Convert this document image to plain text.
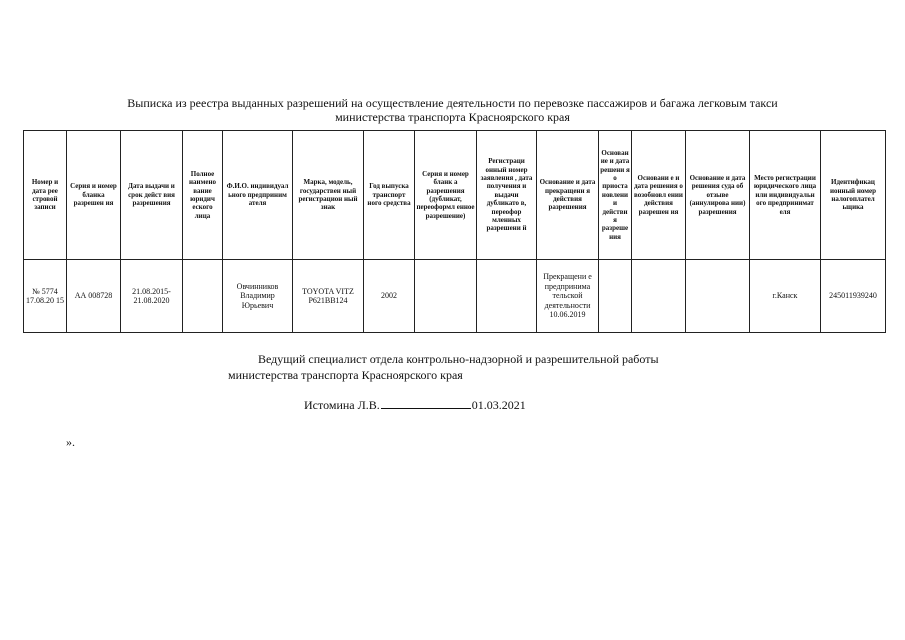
Выписка из реестра выданных разрешений на осуществление деятельности по перевозке пассажиров и багажа легковым такси
министерства транспорта Красноярского края
Номер и дата рее стровой записи	Серия и номер бланка разрешен ия	Дата выдачи и срок дейст вия разрешения	Полное наимено вание юридич еского лица	Ф.И.О. индивидуал ьного предприним ателя	Марка, модель, государствен ный регистрацион ный знак	Год выпуска транспорт ного средства	Серия и номер бланк а разрешения (дубликат, переоформл енное разрешение)	Регистраци онный номер заявления , дата получения и выдачи дубликато в, переофор мленных разрешени й	Основание и дата прекращени я действия разрешения	Основан ие и дата решени я о приоста новлени и действи я разреше ния	Основани е и дата решения о возобновл ении действия разрешен ия	Основание и дата решения суда об отзыве (аннулирова нии) разрешения	Место регистрации юридического лица или индивидуальн ого предпринимат еля	Идентификац ионный номер налогоплател ьщика
№ 5774 17.08.20 15	АА 008728	21.08.2015- 21.08.2020		Овчинников Владимир Юрьевич	TOYOTA VITZ Р621ВВ124	2002			Прекращени е предпринима тельской деятельности 10.06.2019				г.Канск	245011939240
Ведущий специалист отдела контрольно-надзорной и разрешительной работы
министерства транспорта Красноярского края
Истомина Л.В.	01.03.2021
».
